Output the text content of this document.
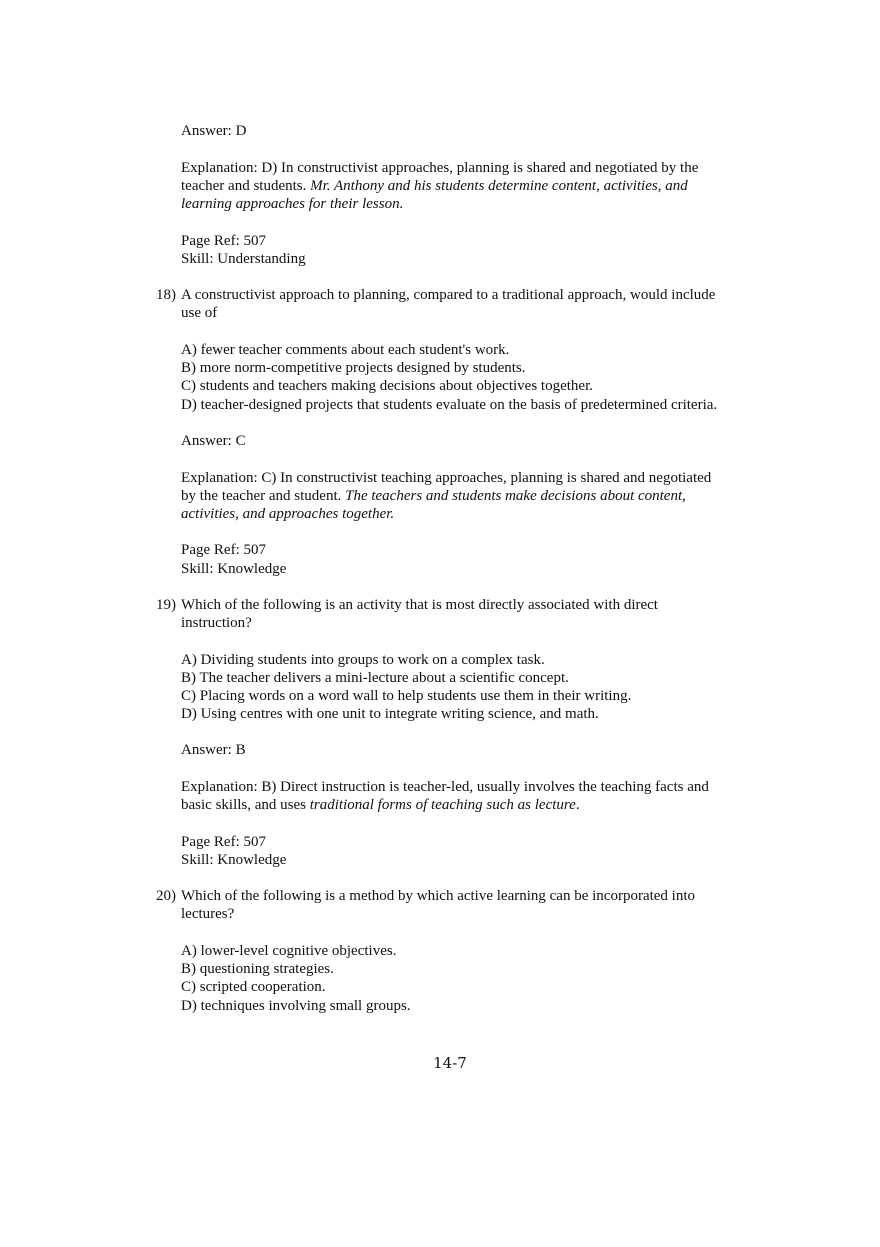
Answer: D
Explanation: D) In constructivist approaches, planning is shared and negotiated by the
teacher and students. Mr. Anthony and his students determine content, activities, and
learning approaches for their lesson.
Page Ref: 507
Skill: Understanding
18) A constructivist approach to planning, compared to a traditional approach, would include
use of
A) fewer teacher comments about each student's work.
B) more norm-competitive projects designed by students.
C) students and teachers making decisions about objectives together.
D) teacher-designed projects that students evaluate on the basis of predetermined criteria.
Answer: C
Explanation: C) In constructivist teaching approaches, planning is shared and negotiated
by the teacher and student. The teachers and students make decisions about content,
activities, and approaches together.
Page Ref: 507
Skill: Knowledge
19) Which of the following is an activity that is most directly associated with direct
instruction?
A) Dividing students into groups to work on a complex task.
B) The teacher delivers a mini-lecture about a scientific concept.
C) Placing words on a word wall to help students use them in their writing.
D) Using centres with one unit to integrate writing science, and math.
Answer: B
Explanation: B) Direct instruction is teacher-led, usually involves the teaching facts and
basic skills, and uses traditional forms of teaching such as lecture.
Page Ref: 507
Skill: Knowledge
20) Which of the following is a method by which active learning can be incorporated into
lectures?
A) lower-level cognitive objectives.
B) questioning strategies.
C) scripted cooperation.
D) techniques involving small groups.
14-7
